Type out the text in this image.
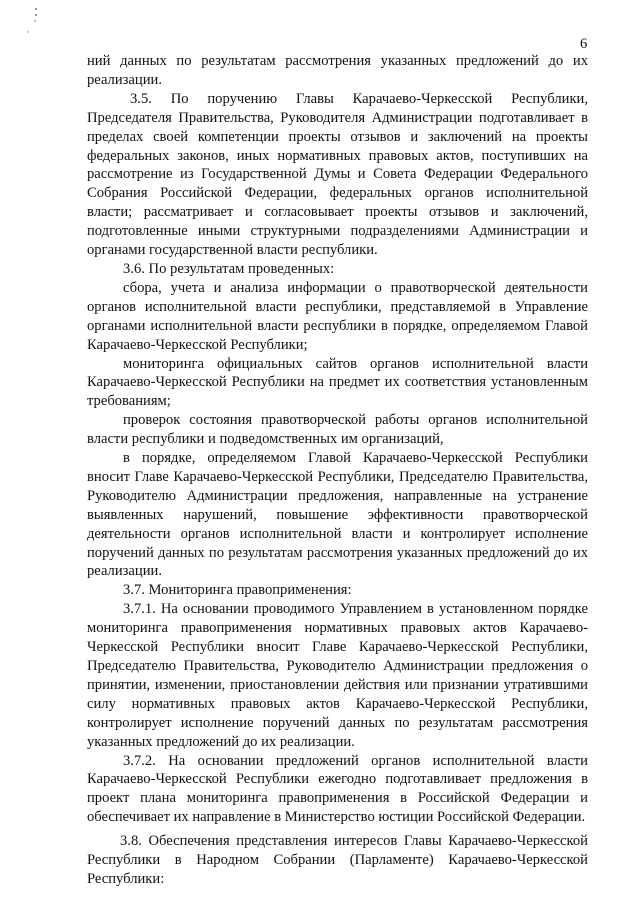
6

ний данных по результатам рассмотрения указанных предложений до их реализации.

3.5. По поручению Главы Карачаево-Черкесской Республики, Председателя Правительства, Руководителя Администрации подготавливает в пределах своей компетенции проекты отзывов и заключений на проекты федеральных законов, иных нормативных правовых актов, поступивших на рассмотрение из Государственной Думы и Совета Федерации Федерального Собрания Российской Федерации, федеральных органов исполнительной власти; рассматривает и согласовывает проекты отзывов и заключений, подготовленные иными структурными подразделениями Администрации и органами государственной власти республики.

3.6. По результатам проведенных:

сбора, учета и анализа информации о правотворческой деятельности органов исполнительной власти республики, представляемой в Управление органами исполнительной власти республики в порядке, определяемом Главой Карачаево-Черкесской Республики;

мониторинга официальных сайтов органов исполнительной власти Карачаево-Черкесской Республики на предмет их соответствия установленным требованиям;

проверок состояния правотворческой работы органов исполнительной власти республики и подведомственных им организаций,

в порядке, определяемом Главой Карачаево-Черкесской Республики вносит Главе Карачаево-Черкесской Республики, Председателю Правительства, Руководителю Администрации предложения, направленные на устранение выявленных нарушений, повышение эффективности правотворческой деятельности органов исполнительной власти и контролирует исполнение поручений данных по результатам рассмотрения указанных предложений до их реализации.

3.7. Мониторинга правоприменения:

3.7.1. На основании проводимого Управлением в установленном порядке мониторинга правоприменения нормативных правовых актов Карачаево-Черкесской Республики вносит Главе Карачаево-Черкесской Республики, Председателю Правительства, Руководителю Администрации предложения о принятии, изменении, приостановлении действия или признании утратившими силу нормативных правовых актов Карачаево-Черкесской Республики, контролирует исполнение поручений данных по результатам рассмотрения указанных предложений до их реализации.

3.7.2. На основании предложений органов исполнительной власти Карачаево-Черкесской Республики ежегодно подготавливает предложения в проект плана мониторинга правоприменения в Российской Федерации и обеспечивает их направление в Министерство юстиции Российской Федерации.

3.8. Обеспечения представления интересов Главы Карачаево-Черкесской Республики в Народном Собрании (Парламенте) Карачаево-Черкесской Республики:
